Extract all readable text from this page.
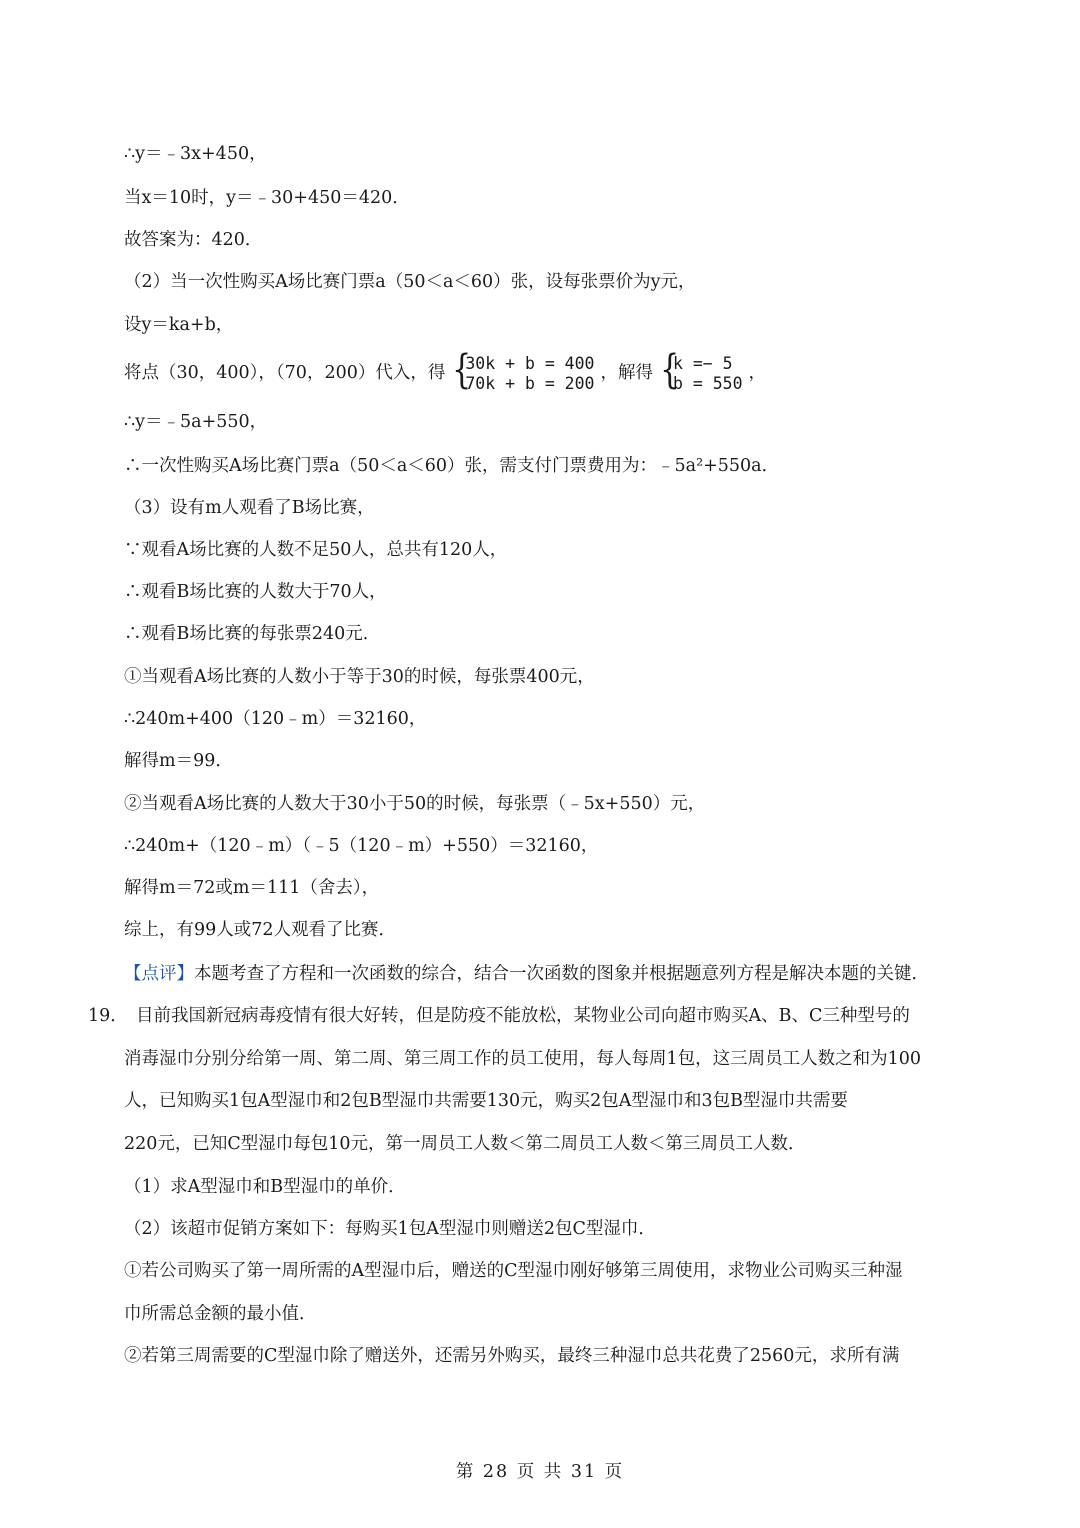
∴y＝﹣3x+450，
当x＝10时，y＝﹣30+450＝420．
故答案为：420．
（2）当一次性购买A场比赛门票a（50＜a＜60）张，设每张票价为y元，
设y＝ka+b，
将点（30，400），（70，200）代入，得 { 30k + b = 400
70k + b = 200 ，解得 { k =− 5
b = 550 ，
∴y＝﹣5a+550，
∴一次性购买A场比赛门票a（50＜a＜60）张，需支付门票费用为：﹣5a²+550a．
（3）设有m人观看了B场比赛，
∵观看A场比赛的人数不足50人，总共有120人，
∴观看B场比赛的人数大于70人，
∴观看B场比赛的每张票240元．
①当观看A场比赛的人数小于等于30的时候，每张票400元，
∴240m+400（120﹣m）＝32160，
解得m＝99．
②当观看A场比赛的人数大于30小于50的时候，每张票（﹣5x+550）元，
∴240m+（120﹣m）（﹣5（120﹣m）+550）＝32160，
解得m＝72或m＝111（舍去），
综上，有99人或72人观看了比赛．
【点评】本题考查了方程和一次函数的综合，结合一次函数的图象并根据题意列方程是解决本题的关键．
19． 目前我国新冠病毒疫情有很大好转，但是防疫不能放松，某物业公司向超市购买A、B、C三种型号的
消毒湿巾分别分给第一周、第二周、第三周工作的员工使用，每人每周1包，这三周员工人数之和为100
人，已知购买1包A型湿巾和2包B型湿巾共需要130元，购买2包A型湿巾和3包B型湿巾共需要
220元，已知C型湿巾每包10元，第一周员工人数＜第二周员工人数＜第三周员工人数．
（1）求A型湿巾和B型湿巾的单价．
（2）该超市促销方案如下：每购买1包A型湿巾则赠送2包C型湿巾．
①若公司购买了第一周所需的A型湿巾后，赠送的C型湿巾刚好够第三周使用，求物业公司购买三种湿
巾所需总金额的最小值．
②若第三周需要的C型湿巾除了赠送外，还需另外购买，最终三种湿巾总共花费了2560元，求所有满
第 28 页 共 31 页
